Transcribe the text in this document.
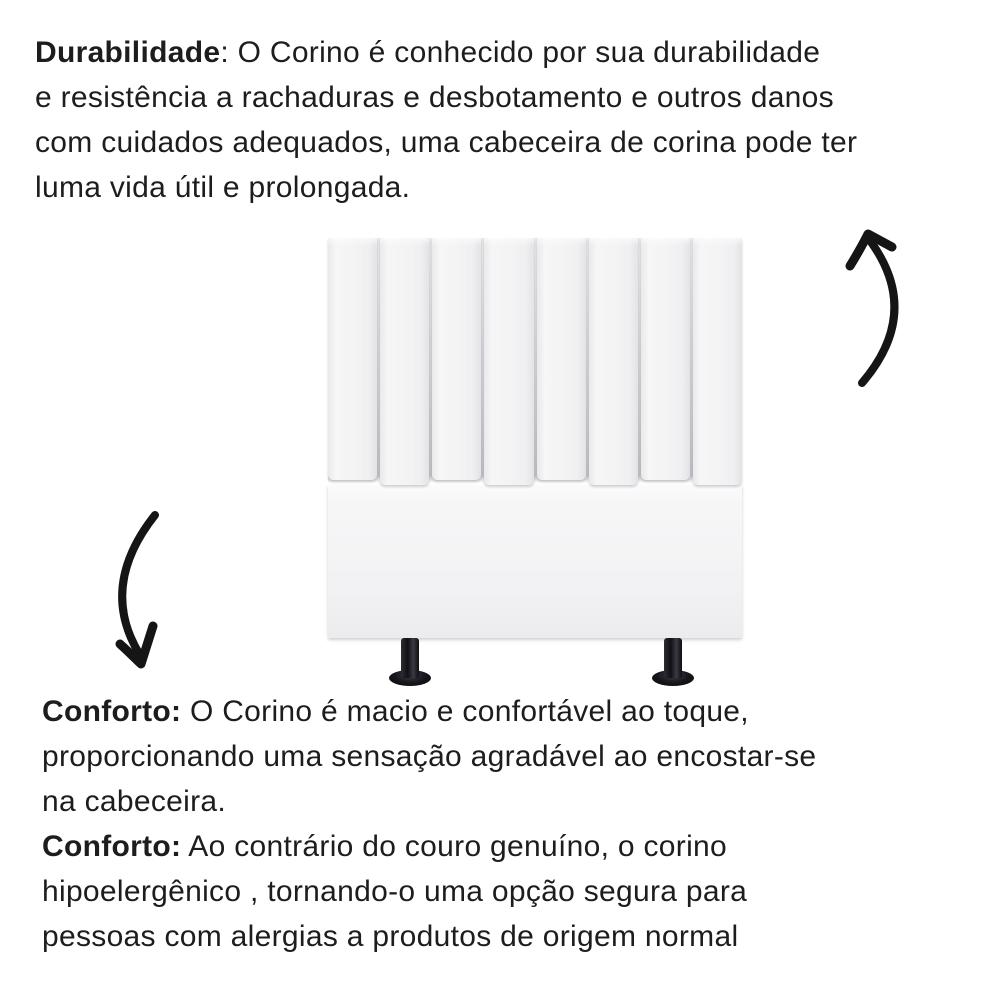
Durabilidade: O Corino é conhecido por sua durabilidade
e resistência a rachaduras e desbotamento e outros danos
com cuidados adequados, uma cabeceira de corina pode ter
luma vida útil e prolongada.
Conforto: O Corino é macio e confortável ao toque,
proporcionando uma sensação agradável ao encostar-se
na cabeceira.
Conforto: Ao contrário do couro genuíno, o corino
hipoelergênico , tornando-o uma opção segura para
pessoas com alergias a produtos de origem normal
